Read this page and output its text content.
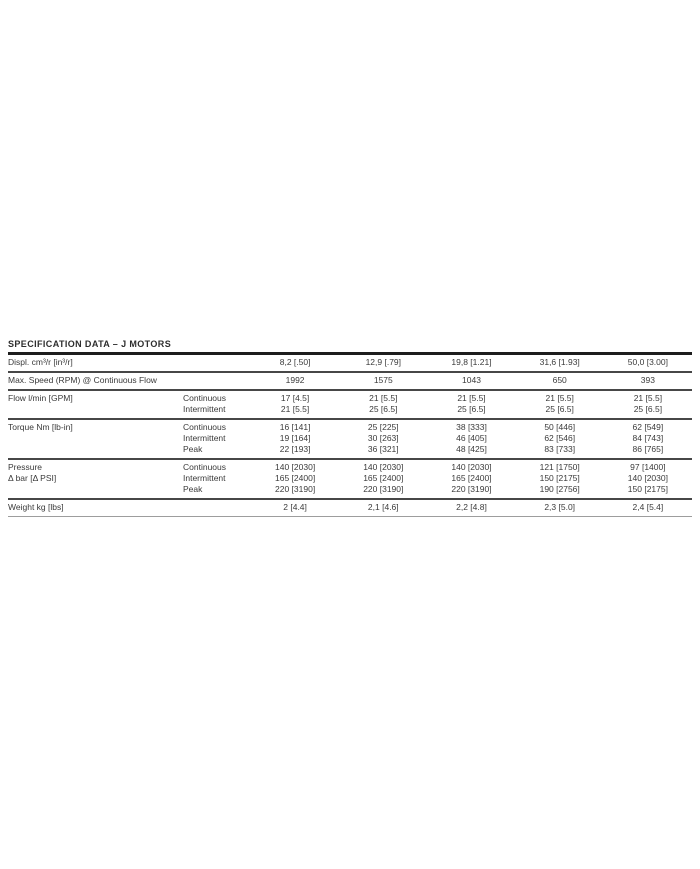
SPECIFICATION DATA – J MOTORS
Displ. cm³/r [in³/r]	8,2 [.50]	12,9 [.79]	19,8 [1.21]	31,6 [1.93]	50,0 [3.00]
Max. Speed (RPM) @ Continuous Flow	1992	1575	1043	650	393
Flow l/min [GPM]	Continuous	17 [4.5]	21 [5.5]	21 [5.5]	21 [5.5]	21 [5.5]
Intermittent	21 [5.5]	25 [6.5]	25 [6.5]	25 [6.5]	25 [6.5]
Torque Nm [lb-in]	Continuous	16 [141]	25 [225]	38 [333]	50 [446]	62 [549]
Intermittent	19 [164]	30 [263]	46 [405]	62 [546]	84 [743]
Peak	22 [193]	36 [321]	48 [425]	83 [733]	86 [765]
Pressure	Continuous	140 [2030]	140 [2030]	140 [2030]	121 [1750]	97 [1400]
Δ bar [Δ PSI]	Intermittent	165 [2400]	165 [2400]	165 [2400]	150 [2175]	140 [2030]
Peak	220 [3190]	220 [3190]	220 [3190]	190 [2756]	150 [2175]
Weight kg [lbs]	2 [4.4]	2,1 [4.6]	2,2 [4.8]	2,3 [5.0]	2,4 [5.4]
